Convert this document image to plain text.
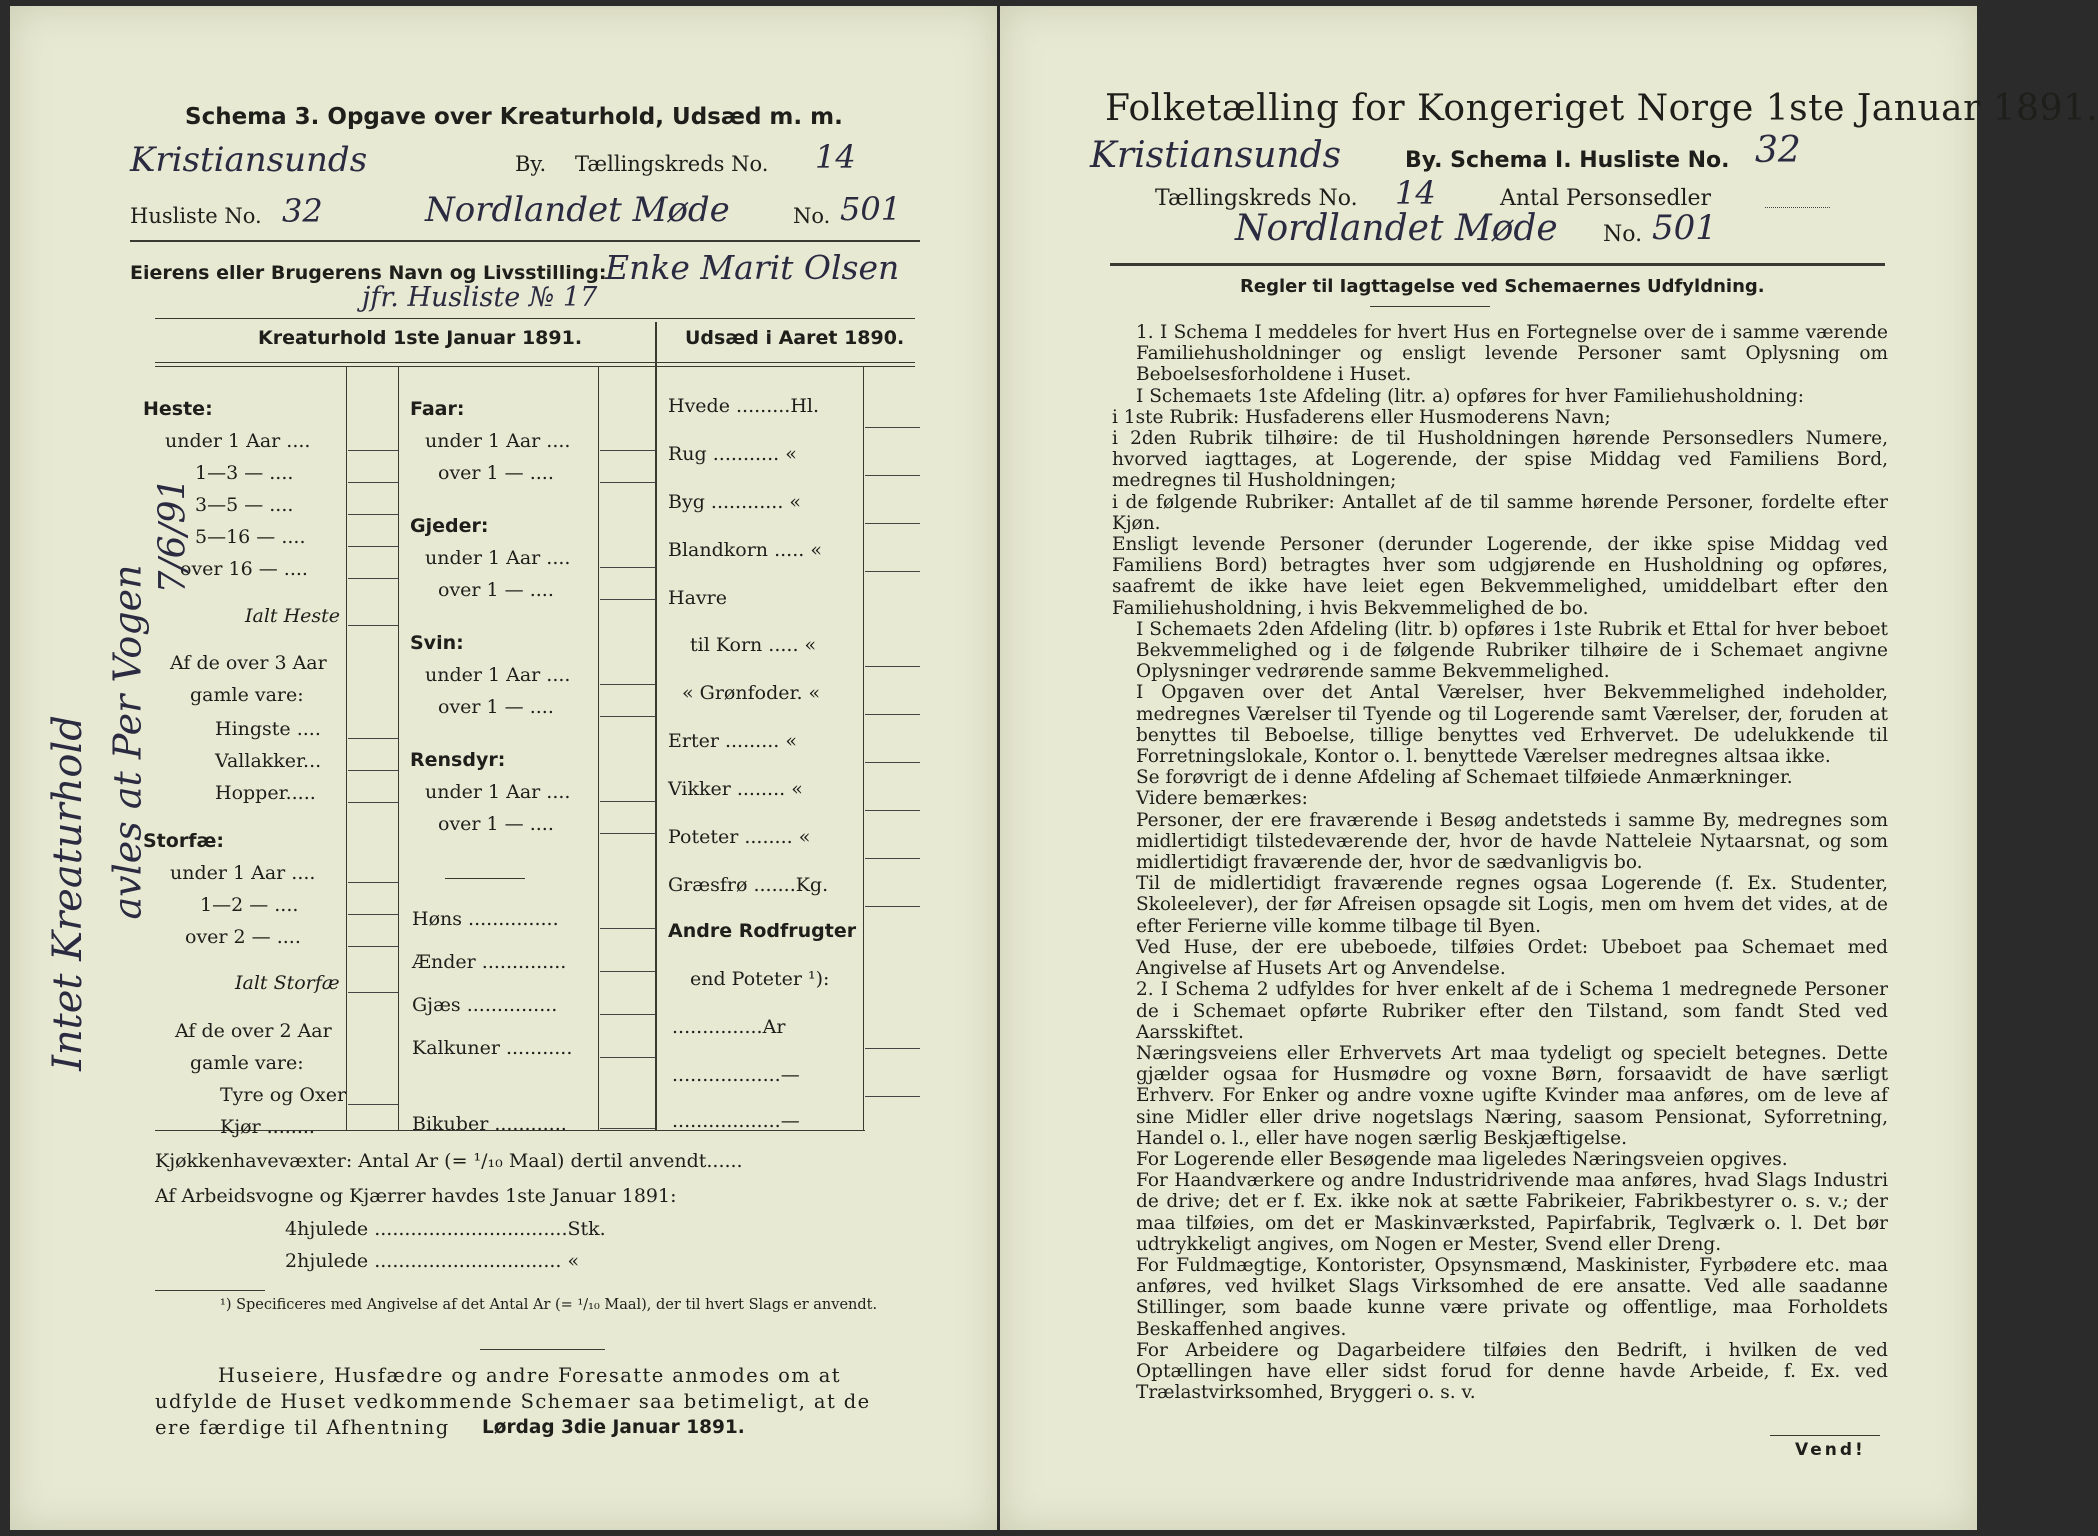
Schema 3. Opgave over Kreaturhold, Udsæd m. m.
Kristiansunds	By. Tællingskreds No. 14
Husliste No. 32	Nordlandet Møde	No. 501
Eierens eller Brugerens Navn og Livsstilling:
Enke Marit Olsen
jfr. Husliste № 17
Kreaturhold 1ste Januar 1891.	Udsæd i Aaret 1890.
Heste:
under 1 Aar ....
1—3 — ....
3—5 — ....
5—16 — ....
over 16 — ....
Ialt Heste
Af de over 3 Aar
gamle vare:
Hingste ....
Vallakker...
Hopper.....
Storfæ:
under 1 Aar ....
1—2 — ....
over 2 — ....
Ialt Storfæ
Af de over 2 Aar
gamle vare:
Tyre og Oxer
Kjør ........
Faar:
under 1 Aar ....
over 1 — ....
Gjeder:
under 1 Aar ....
over 1 — ....
Svin:
under 1 Aar ....
over 1 — ....
Rensdyr:
under 1 Aar ....
over 1 — ....
Høns ...............
Ænder ..............
Gjæs ...............
Kalkuner ...........
Bikuber ............
Hvede .........Hl.
Rug ........... «
Byg ............ «
Blandkorn ..... «
Havre
til Korn ..... «
« Grønfoder. «
Erter ......... «
Vikker ........ «
Poteter ........ «
Græsfrø .......Kg.
Andre Rodfrugter
end Poteter ¹):
...............Ar
..................—
..................—
Intet Kreaturhold avles at Per Vogen
7/6/91
Kjøkkenhavevæxter: Antal Ar (= ¹/₁₀ Maal) dertil anvendt......
Af Arbeidsvogne og Kjærrer havdes 1ste Januar 1891:
4hjulede ................................Stk.
2hjulede ............................... «
¹) Specificeres med Angivelse af det Antal Ar (= ¹/₁₀ Maal), der til hvert Slags er anvendt.
Huseiere, Husfædre og andre Foresatte anmodes om at
udfylde de Huset vedkommende Schemaer saa betimeligt, at de
ere færdige til Afhentning Lørdag 3die Januar 1891.
Folketælling for Kongeriget Norge 1ste Januar 1891.
Kristiansunds	By. Schema I. Husliste No. 32
Tællingskreds No. 14	Antal Personsedler
Nordlandet Møde No. 501
Regler til Iagttagelse ved Schemaernes Udfyldning.

1. I Schema I meddeles for hvert Hus en Fortegnelse over de i samme værende Familiehusholdninger og ensligt levende Personer samt Oplysning om Beboelsesforholdene i Huset.

I Schemaets 1ste Afdeling (litr. a) opføres for hver Familiehusholdning:

i 1ste Rubrik: Husfaderens eller Husmoderens Navn;

i 2den Rubrik tilhøire: de til Husholdningen hørende Personsedlers Numere, hvorved iagttages, at Logerende, der spise Middag ved Familiens Bord, medregnes til Husholdningen;

i de følgende Rubriker: Antallet af de til samme hørende Personer, fordelte efter Kjøn.

Ensligt levende Personer (derunder Logerende, der ikke spise Middag ved Familiens Bord) betragtes hver som udgjørende en Husholdning og opføres, saafremt de ikke have leiet egen Bekvemmelighed, umiddelbart efter den Familiehusholdning, i hvis Bekvemmelighed de bo.

I Schemaets 2den Afdeling (litr. b) opføres i 1ste Rubrik et Ettal for hver beboet Bekvemmelighed og i de følgende Rubriker tilhøire de i Schemaet angivne Oplysninger vedrørende samme Bekvemmelighed.

I Opgaven over det Antal Værelser, hver Bekvemmelighed indeholder, medregnes Værelser til Tyende og til Logerende samt Værelser, der, foruden at benyttes til Beboelse, tillige benyttes ved Erhvervet. De udelukkende til Forretningslokale, Kontor o. l. benyttede Værelser medregnes altsaa ikke.

Se forøvrigt de i denne Afdeling af Schemaet tilføiede Anmærkninger.

Videre bemærkes:

Personer, der ere fraværende i Besøg andetsteds i samme By, medregnes som midlertidigt tilstedeværende der, hvor de havde Natteleie Nytaarsnat, og som midlertidigt fraværende der, hvor de sædvanligvis bo.

Til de midlertidigt fraværende regnes ogsaa Logerende (f. Ex. Studenter, Skoleelever), der før Afreisen opsagde sit Logis, men om hvem det vides, at de efter Ferierne ville komme tilbage til Byen.

Ved Huse, der ere ubeboede, tilføies Ordet: Ubeboet paa Schemaet med Angivelse af Husets Art og Anvendelse.

2. I Schema 2 udfyldes for hver enkelt af de i Schema 1 medregnede Personer de i Schemaet opførte Rubriker efter den Tilstand, som fandt Sted ved Aarsskiftet.

Næringsveiens eller Erhvervets Art maa tydeligt og specielt betegnes. Dette gjælder ogsaa for Husmødre og voxne Børn, forsaavidt de have særligt Erhverv. For Enker og andre voxne ugifte Kvinder maa anføres, om de leve af sine Midler eller drive nogetslags Næring, saasom Pensionat, Syforretning, Handel o. l., eller have nogen særlig Beskjæftigelse.

For Logerende eller Besøgende maa ligeledes Næringsveien opgives.

For Haandværkere og andre Industridrivende maa anføres, hvad Slags Industri de drive; det er f. Ex. ikke nok at sætte Fabrikeier, Fabrikbestyrer o. s. v.; der maa tilføies, om det er Maskinværksted, Papirfabrik, Teglværk o. l. Det bør udtrykkeligt angives, om Nogen er Mester, Svend eller Dreng.

For Fuldmægtige, Kontorister, Opsynsmænd, Maskinister, Fyrbødere etc. maa anføres, ved hvilket Slags Virksomhed de ere ansatte. Ved alle saadanne Stillinger, som baade kunne være private og offentlige, maa Forholdets Beskaffenhed angives.

For Arbeidere og Dagarbeidere tilføies den Bedrift, i hvilken de ved Optællingen have eller sidst forud for denne havde Arbeide, f. Ex. ved Trælastvirksomhed, Bryggeri o. s. v.

Vend!
